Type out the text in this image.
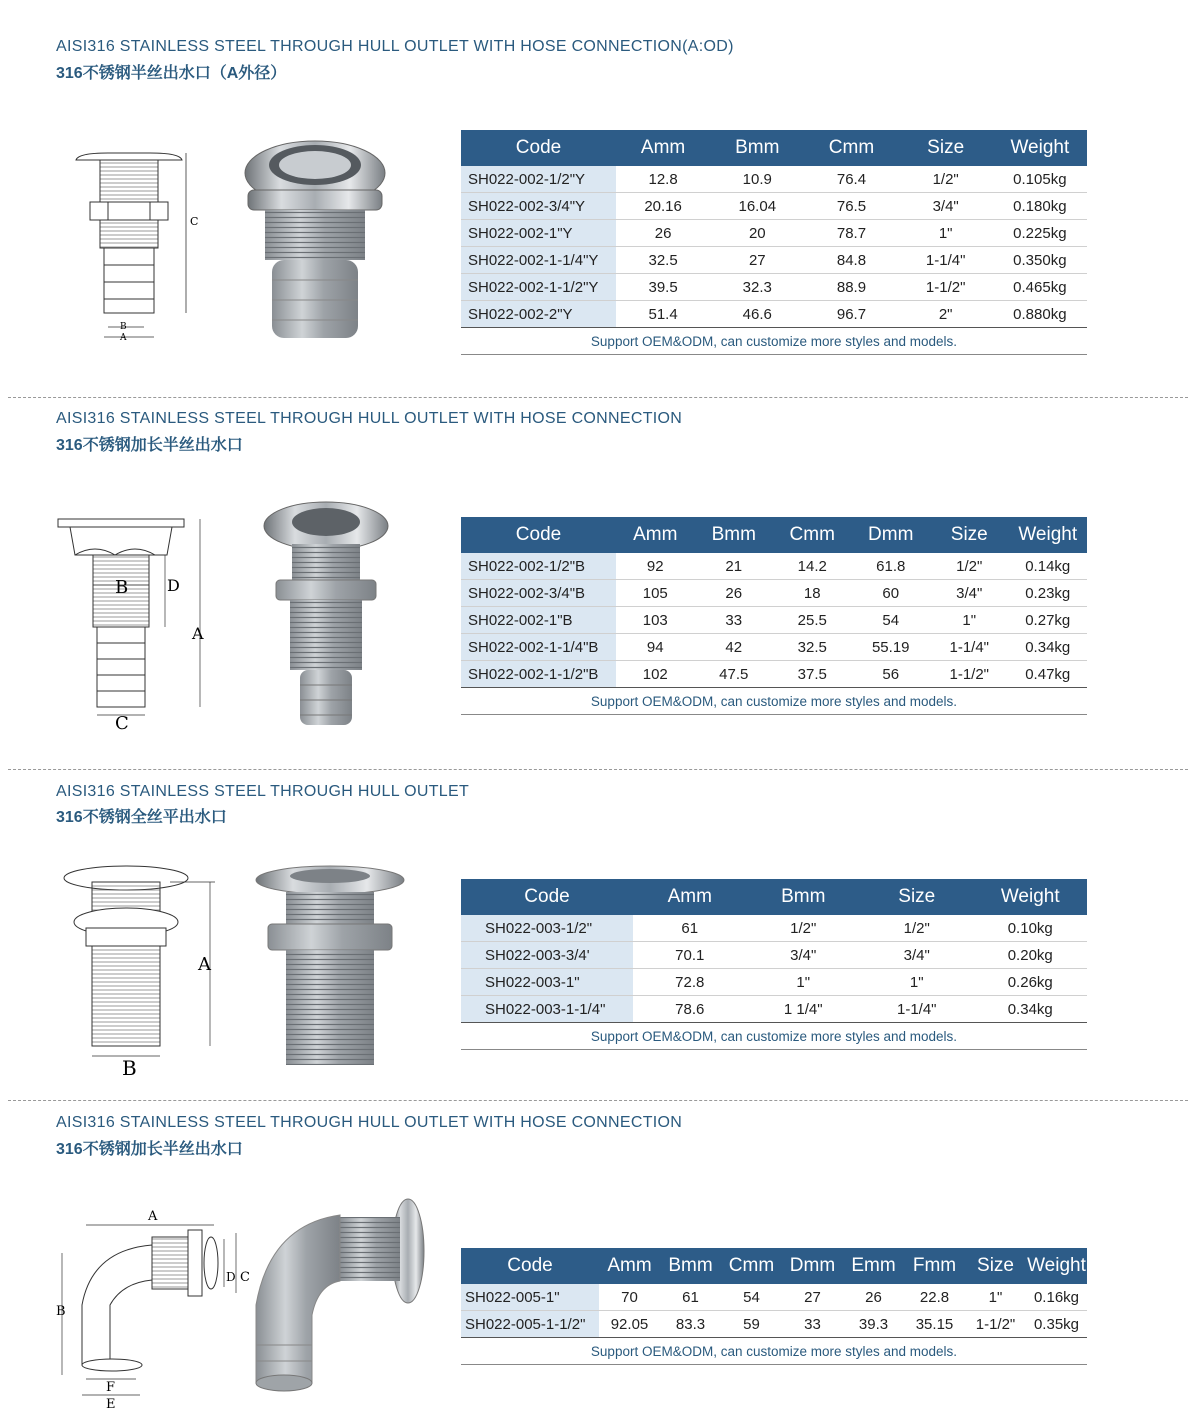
AISI316 STAINLESS STEEL THROUGH HULL OUTLET WITH HOSE CONNECTION(A:OD)
316不锈钢半丝出水口（A外径）
C
B
A
Code	Amm	Bmm	Cmm	Size	Weight
SH022-002-1/2"Y	12.8	10.9	76.4	1/2"	0.105kg
SH022-002-3/4"Y	20.16	16.04	76.5	3/4"	0.180kg
SH022-002-1"Y	26	20	78.7	1"	0.225kg
SH022-002-1-1/4"Y	32.5	27	84.8	1-1/4"	0.350kg
SH022-002-1-1/2"Y	39.5	32.3	88.9	1-1/2"	0.465kg
SH022-002-2"Y	51.4	46.6	96.7	2"	0.880kg
Support OEM&ODM, can customize more styles and models.					
AISI316 STAINLESS STEEL THROUGH HULL OUTLET WITH HOSE CONNECTION
316不锈钢加长半丝出水口
B D
A
C
Code	Amm	Bmm	Cmm	Dmm	Size	Weight
SH022-002-1/2"B	92	21	14.2	61.8	1/2"	0.14kg
SH022-002-3/4"B	105	26	18	60	3/4"	0.23kg
SH022-002-1"B	103	33	25.5	54	1"	0.27kg
SH022-002-1-1/4"B	94	42	32.5	55.19	1-1/4"	0.34kg
SH022-002-1-1/2"B	102	47.5	37.5	56	1-1/2"	0.47kg
Support OEM&ODM, can customize more styles and models.						
AISI316 STAINLESS STEEL THROUGH HULL OUTLET
316不锈钢全丝平出水口
A
B
Code	Amm	Bmm	Size	Weight
SH022-003-1/2"	61	1/2"	1/2"	0.10kg
SH022-003-3/4'	70.1	3/4"	3/4"	0.20kg
SH022-003-1"	72.8	1"	1"	0.26kg
SH022-003-1-1/4"	78.6	1 1/4"	1-1/4"	0.34kg
Support OEM&ODM, can customize more styles and models.				
AISI316 STAINLESS STEEL THROUGH HULL OUTLET WITH HOSE CONNECTION
316不锈钢加长半丝出水口
A
B
C
D
F
E
Code	Amm	Bmm	Cmm	Dmm	Emm	Fmm	Size	Weight
SH022-005-1"	70	61	54	27	26	22.8	1"	0.16kg
SH022-005-1-1/2"	92.05	83.3	59	33	39.3	35.15	1-1/2"	0.35kg
Support OEM&ODM, can customize more styles and models.								
